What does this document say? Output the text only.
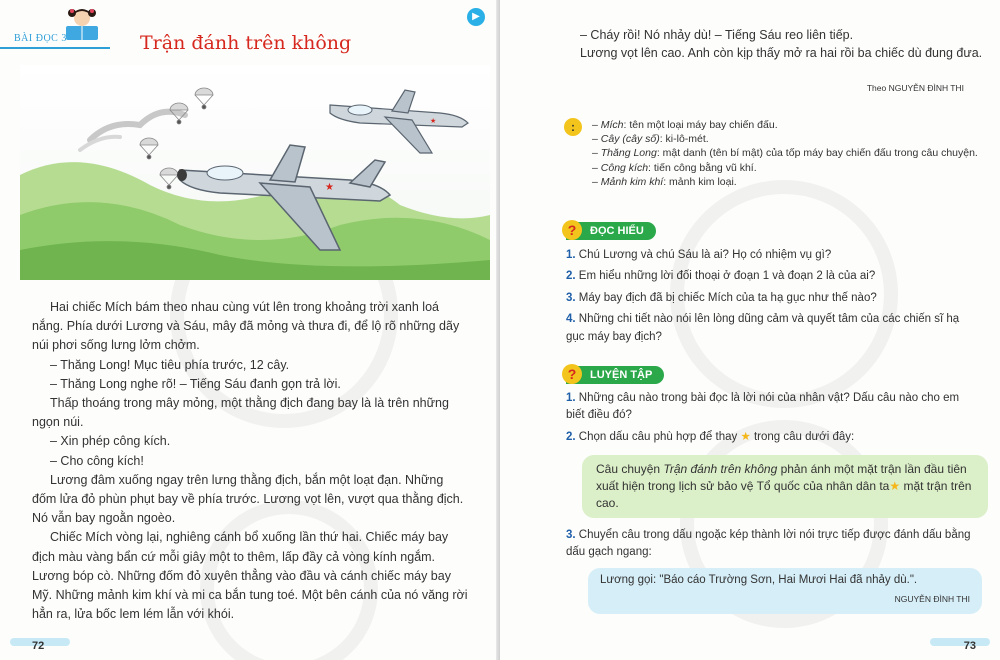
BÀI ĐỌC 3	Trận đánh trên không
▶
★
★

Hai chiếc Mích bám theo nhau cùng vút lên trong khoảng trời xanh loá nắng. Phía dưới Lương và Sáu, mây đã mỏng và thưa đi, để lộ rõ những dãy núi phơi sống lưng lởm chởm.

– Thăng Long! Mục tiêu phía trước, 12 cây.

– Thăng Long nghe rõ! – Tiếng Sáu đanh gọn trả lời.

Thấp thoáng trong mây mỏng, một thằng địch đang bay là là trên những ngọn núi.

– Xin phép công kích.

– Cho công kích!

Lương đâm xuống ngay trên lưng thằng địch, bắn một loạt đạn. Những đốm lửa đỏ phùn phụt bay về phía trước. Lương vọt lên, vượt qua thằng địch. Nó vẫn bay ngoằn ngoèo.

Chiếc Mích vòng lại, nghiêng cánh bổ xuống lần thứ hai. Chiếc máy bay địch màu vàng bẩn cứ mỗi giây một to thêm, lấp đầy cả vòng kính ngắm. Lương bóp cò. Những đốm đỏ xuyên thẳng vào đầu và cánh chiếc máy bay Mỹ. Những mảnh kim khí và mi ca bắn tung toé. Một bên cánh của nó văng rời hẳn ra, lửa bốc lem lém lẫn với khói.

72

– Cháy rồi! Nó nhảy dù! – Tiếng Sáu reo liên tiếp.

Lương vọt lên cao. Anh còn kịp thấy mở ra hai rồi ba chiếc dù đung đưa.

Theo NGUYỄN ĐÌNH THI
:	– Mích: tên một loại máy bay chiến đấu.
– Cây (cây số): ki-lô-mét.
– Thăng Long: mật danh (tên bí mật) của tốp máy bay chiến đấu trong câu chuyện.
– Công kích: tiến công bằng vũ khí.
– Mảnh kim khí: mảnh kim loại.
?	ĐỌC HIỂU
1. Chú Lương và chú Sáu là ai? Họ có nhiệm vụ gì?
2. Em hiểu những lời đối thoại ở đoạn 1 và đoạn 2 là của ai?
3. Máy bay địch đã bị chiếc Mích của ta hạ gục như thế nào?
4. Những chi tiết nào nói lên lòng dũng cảm và quyết tâm của các chiến sĩ hạ gục máy bay địch?
?	LUYỆN TẬP
1. Những câu nào trong bài đọc là lời nói của nhân vật? Dấu câu nào cho em biết điều đó?
2. Chọn dấu câu phù hợp để thay ★ trong câu dưới đây:
Câu chuyện Trận đánh trên không phản ánh một mặt trận lần đầu tiên xuất hiện trong lịch sử bảo vệ Tổ quốc của nhân dân ta★ mặt trận trên cao.
3. Chuyển câu trong dấu ngoặc kép thành lời nói trực tiếp được đánh dấu bằng dấu gạch ngang:
Lương gọi: "Báo cáo Trường Sơn, Hai Mươi Hai đã nhảy dù.".
NGUYỄN ĐÌNH THI
73
